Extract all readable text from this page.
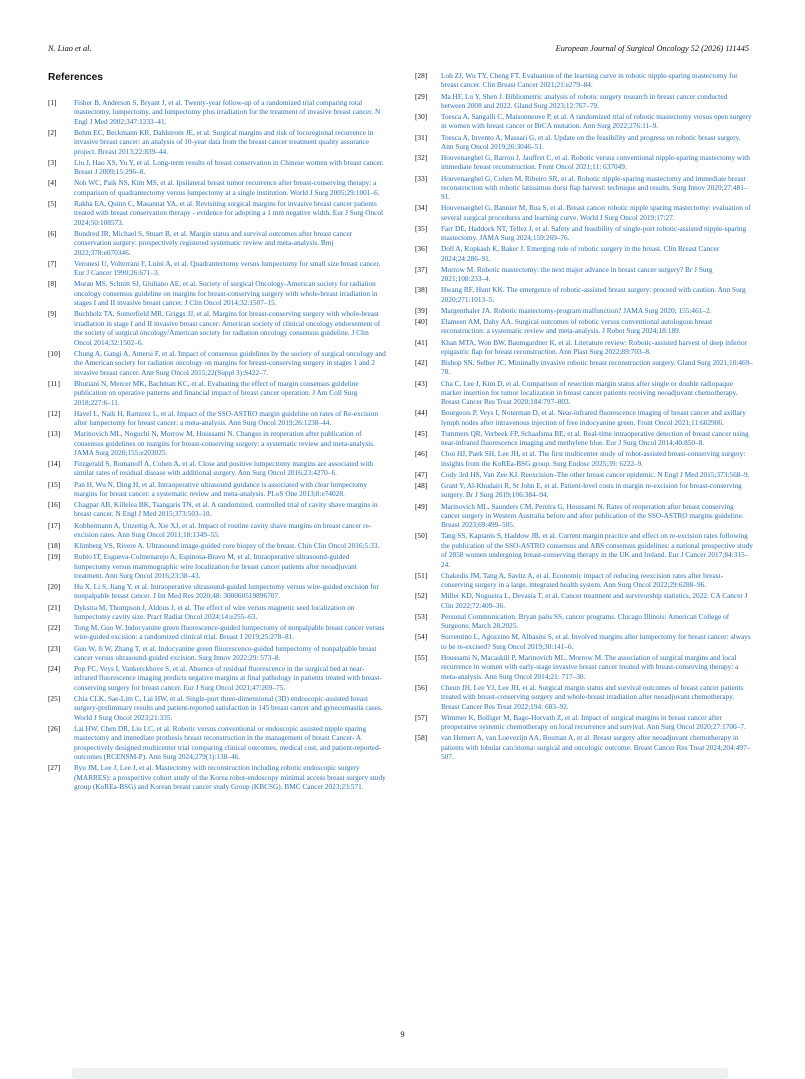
N. Liao et al.	European Journal of Surgical Oncology 52 (2026) 111445
References
[1]	Fisher B, Anderson S, Bryant J, et al. Twenty-year follow-up of a randomized trial comparing total mastectomy, lumpectomy, and lumpectomy plus irradiation for the treatment of invasive breast cancer. N Engl J Med 2002;347:1233–41.
[2]	Behm EC, Beckmann KR, Dahlstrom JE, et al. Surgical margins and risk of locoregional recurrence in invasive breast cancer: an analysis of 10-year data from the breast cancer treatment quality assurance project. Breast 2013;22:839–44.
[3]	Liu J, Hao XS, Yu Y, et al. Long-term results of breast conservation in Chinese women with breast cancer. Breast J 2009;15:296–8.
[4]	Noh WC, Paik NS, Kim MS, et al. Ipsilateral breast tumor recurrence after breast-conserving therapy: a comparison of quadrantectomy versus lumpectomy at a single institution. World J Surg 2005;29:1001–6.
[5]	Rakha EA, Quinn C, Masannat YA, et al. Revisiting surgical margins for invasive breast cancer patients treated with breast conservation therapy - evidence for adopting a 1 mm negative width. Eur J Surg Oncol 2024;50:108573.
[6]	Bundred JR, Michael S, Stuart B, et al. Margin status and survival outcomes after breast cancer conservation surgery: prospectively registered systematic review and meta-analysis. Bmj 2022;378:e070346.
[7]	Veronesi U, Volterrani F, Luini A, et al. Quadrantectomy versus lumpectomy for small size breast cancer. Eur J Cancer 1990;26:671–3.
[8]	Moran MS, Schnitt SJ, Giuliano AE, et al. Society of surgical Oncology-American society for radiation oncology consensus guideline on margins for breast-conserving surgery with whole-breast irradiation in stages I and II invasive breast cancer. J Clin Oncol 2014;32:1507–15.
[9]	Buchholz TA, Somerfield MR, Griggs JJ, et al. Margins for breast-conserving surgery with whole-breast irradiation in stage I and II invasive breast cancer: American society of clinical oncology endorsement of the society of surgical oncology/American society for radiation oncology consensus guideline. J Clin Oncol 2014;32:1502–6.
[10]	Chung A, Gangi A, Amersi F, et al. Impact of consensus guidelines by the society of surgical oncology and the American society for radiation oncology on margins for breast-conserving surgery in stages 1 and 2 invasive breast cancer. Ann Surg Oncol 2015;22(Suppl 3):S422–7.
[11]	Bhutiani N, Mercer MK, Bachman KC, et al. Evaluating the effect of margin consensus guideline publication on operative patterns and financial impact of breast cancer operation. J Am Coll Surg 2018;227:6–11.
[12]	Havel L, Naik H, Ramirez L, et al. Impact of the SSO-ASTRO margin guideline on rates of Re-excision after lumpectomy for breast cancer: a meta-analysis. Ann Surg Oncol 2019;26:1238–44.
[13]	Marinovich ML, Noguchi N, Morrow M, Houssami N. Changes in reoperation after publication of consensus guidelines on margins for breast-conserving surgery: a systematic review and meta-analysis. JAMA Surg 2020;155:e203025.
[14]	Fitzgerald S, Romanoff A, Cohen A, et al. Close and positive lumpectomy margins are associated with similar rates of residual disease with additional surgery. Ann Surg Oncol 2016;23:4270–6.
[15]	Pan H, Wu N, Ding H, et al. Intraoperative ultrasound guidance is associated with clear lumpectomy margins for breast cancer: a systematic review and meta-analysis. PLoS One 2013;8:e74028.
[16]	Chagpar AB, Killelea BK, Tsangaris TN, et al. A randomized, controlled trial of cavity shave margins in breast cancer. N Engl J Med 2015;373:503–10.
[17]	Kobbermann A, Unzeitig A, Xie XJ, et al. Impact of routine cavity shave margins on breast cancer re-excision rates. Ann Surg Oncol 2011;18:1349–55.
[18]	Klimberg VS, Rivere A. Ultrasound image-guided core biopsy of the breast. Chin Clin Oncol 2016;5:33.
[19]	Rubio IT, Esgueva-Colmenarejo A, Espinosa-Bravo M, et al. Intraoperative ultrasound-guided lumpectomy versus mammographic wire localization for breast cancer patients after neoadjuvant treatment. Ann Surg Oncol 2016;23:38–43.
[20]	Hu X, Li S, Jiang Y, et al. Intraoperative ultrasound-guided lumpectomy versus wire-guided excision for nonpalpable breast cancer. J Int Med Res 2020;48: 300060519896707.
[21]	Dykstra M, Thompson J, Aldous J, et al. The effect of wire versus magnetic seed localization on lumpectomy cavity size. Pract Radiat Oncol 2024;14:e255–63.
[22]	Tong M, Guo W. Indocyanine green fluorescence-guided lumpectomy of nonpalpable breast cancer versus wire-guided excision: a randomized clinical trial. Breast J 2019;25:278–81.
[23]	Guo W, Ji W, Zhang T, et al. Indocyanine green fluorescence-guided lumpectomy of nonpalpable breast cancer versus ultrasound-guided excision. Surg Innov 2022;29: 573–8.
[24]	Pop FC, Veys I, Vankerckhove S, et al. Absence of residual fluorescence in the surgical bed at near-infrared fluorescence imaging predicts negative margins at final pathology in patients treated with breast-conserving surgery for breast cancer. Eur J Surg Oncol 2021;47:269–75.
[25]	Chia CLK, Sae-Lim C, Lai HW, et al. Single-port three-dimensional (3D) endoscopic-assisted breast surgery-preliminary results and patient-reported satisfaction in 145 breast cancer and gynecomastia cases. World J Surg Oncol 2023;21:335.
[26]	Lai HW, Chen DR, Liu LC, et al. Robotic versus conventional or endoscopic assisted nipple sparing mastectomy and immediate prothesis breast reconstruction in the management of breast Cancer- A prospectively designed multicenter trial comparing clinical outcomes, medical cost, and patient-reported-outcomes (RCENSM-P). Ann Surg 2024;279(1):138–46.
[27]	Ryu JM, Lee J, Lee J, et al. Mastectomy with reconstruction including robotic endoscopic surgery (MARRES): a prospective cohort study of the Korea robot-endoscopy minimal access breast surgery study group (KoREa-BSG) and Korean breast cancer study Group (KBCSG). BMC Cancer 2023;23:571.
[28]	Loh ZJ, Wu TY, Cheng FT. Evaluation of the learning curve in robotic nipple-sparing mastectomy for breast cancer. Clin Breast Cancer 2021;21:e279–84.
[29]	Ma HF, Lu Y, Shen J. Bibliometric analysis of robotic surgery research in breast cancer conducted between 2008 and 2022. Gland Surg 2023;12:767–79.
[30]	Toesca A, Sangalli C, Maisonneuve P, et al. A randomized trial of robotic mastectomy versus open surgery in women with breast cancer or BrCA mutation. Ann Surg 2022;276:11–9.
[31]	Toesca A, Invento A, Massari G, et al. Update on the feasibility and progress on robotic breast surgery. Ann Surg Oncol 2019;26:3046–51.
[32]	Houvenaeghel G, Barrou J, Jauffret C, et al. Robotic versus conventional nipple-sparing mastectomy with immediate breast reconstruction. Front Oncol 2021;11: 637049.
[33]	Houvenaeghel G, Cohen M, Ribeiro SR, et al. Robotic nipple-sparing mastectomy and immediate breast reconstruction with robotic latissimus dorsi flap harvest: technique and results. Surg Innov 2020;27:481–91.
[34]	Houvenaeghel G, Bannier M, Rua S, et al. Breast cancer robotic nipple sparing mastectomy: evaluation of several surgical procedures and learning curve. World J Surg Oncol 2019;17:27.
[35]	Farr DE, Haddock NT, Tellez J, et al. Safety and feasibility of single-port robotic-assisted nipple-sparing mastectomy. JAMA Surg 2024;159:269–76.
[36]	Doll A, Kopkash K, Baker J. Emerging role of robotic surgery in the breast. Clin Breast Cancer 2024;24:286–91.
[37]	Morrow M. Robotic mastectomy: the next major advance in breast cancer surgery? Br J Surg 2021;108:233–4.
[38]	Hwang RF, Hunt KK. The emergence of robotic-assisted breast surgery: proceed with caution. Ann Surg 2020;271:1013–5.
[39]	Margenthaler JA. Robotic mastectomy-program malfunction? JAMA Surg 2020; 155:461–2.
[40]	Elameen AM, Dahy AA. Surgical outcomes of robotic versus conventional autologous breast reconstruction: a systematic review and meta-analysis. J Robot Surg 2024;18:189.
[41]	Khan MTA, Won BW, Baumgardner K, et al. Literature review: Robotic-assisted harvest of deep inferior epigastric flap for breast reconstruction. Ann Plast Surg 2022;89:703–8.
[42]	Bishop SN, Selber JC. Minimally invasive robotic breast reconstruction surgery. Gland Surg 2021;10:469–78.
[43]	Cha C, Lee J, Kim D, et al. Comparison of resection margin status after single or double radiopaque marker insertion for tumor localization in breast cancer patients receiving neoadjuvant chemotherapy. Breast Cancer Res Treat 2020;184:797–803.
[44]	Bourgeois P, Veys I, Noterman D, et al. Near-infrared fluorescence imaging of breast cancer and axillary lymph nodes after intravenous injection of free indocyanine green. Front Oncol 2021;11:602906.
[45]	Tummers QR, Verbeek FP, Schaafsma BE, et al. Real-time intraoperative detection of breast cancer using near-infrared fluorescence imaging and methylene blue. Eur J Surg Oncol 2014;40:850–8.
[46]	Choi HJ, Paek SH, Lee JH, et al. The first multicenter study of robot-assisted breast-conserving surgery: insights from the KoREa-BSG group. Surg Endosc 2025;39: 6222–9.
[47]	Cody 3rd HS, Van Zee KJ. Reexcision–The other breast cancer epidemic. N Engl J Med 2015;373:568–9.
[48]	Grant Y, Al-Khudairi R, St John E, et al. Patient-level costs in margin re-excision for breast-conserving surgery. Br J Surg 2019;106:384–94.
[49]	Marinovich ML, Saunders CM, Pereira G, Houssami N. Rates of reoperation after breast conserving cancer surgery in Western Australia before and after publication of the SSO-ASTRO margins guideline. Breast 2023;69:499–505.
[50]	Tang SS, Kaptanis S, Haddow JB, et al. Current margin practice and effect on re-excision rates following the publication of the SSO-ASTRO consensus and ABS consensus guidelines: a national prospective study of 2858 women undergoing breast-conserving therapy in the UK and Ireland. Eur J Cancer 2017;84:315–24.
[51]	Chakedis JM, Tang A, Savitz A, et al. Economic impact of reducing reexcision rates after breast-conserving surgery in a large, integrated health system. Ann Surg Oncol 2022;29:6288–96.
[52]	Miller KD, Nogueira L, Devasia T, et al. Cancer treatment and survivorship statistics, 2022. CA Cancer J Clin 2022;72:409–36.
[53]	Personal Communication. Bryan palis SS, cancer programs. Chicago Illinois: American College of Surgeons; March 28,2025.
[54]	Sorrentino L, Agozzino M, Albasini S, et al. Involved margins after lumpectomy for breast cancer: always to be re-excised? Surg Oncol 2019;30:141–6.
[55]	Houssami N, Macaskill P, Marinovich ML, Morrow M. The association of surgical margins and local recurrence in women with early-stage invasive breast cancer treated with breast-conserving therapy: a meta-analysis. Ann Surg Oncol 2014;21: 717–30.
[56]	Cheun JH, Lee YJ, Lee JH, et al. Surgical margin status and survival outcomes of breast cancer patients treated with breast-conserving surgery and whole-breast irradiation after neoadjuvant chemotherapy. Breast Cancer Res Treat 2022;194: 683–92.
[57]	Wimmer K, Bolliger M, Bago-Horvath Z, et al. Impact of surgical margins in breast cancer after preoperative systemic chemotherapy on local recurrence and survival. Ann Surg Oncol 2020;27:1700–7.
[58]	van Hemert A, van Loevezijn AA, Bosman A, et al. Breast surgery after neoadjuvant chemotherapy in patients with lobular carcinoma: surgical and oncologic outcome. Breast Cancer Res Treat 2024;204:497–507.
9
